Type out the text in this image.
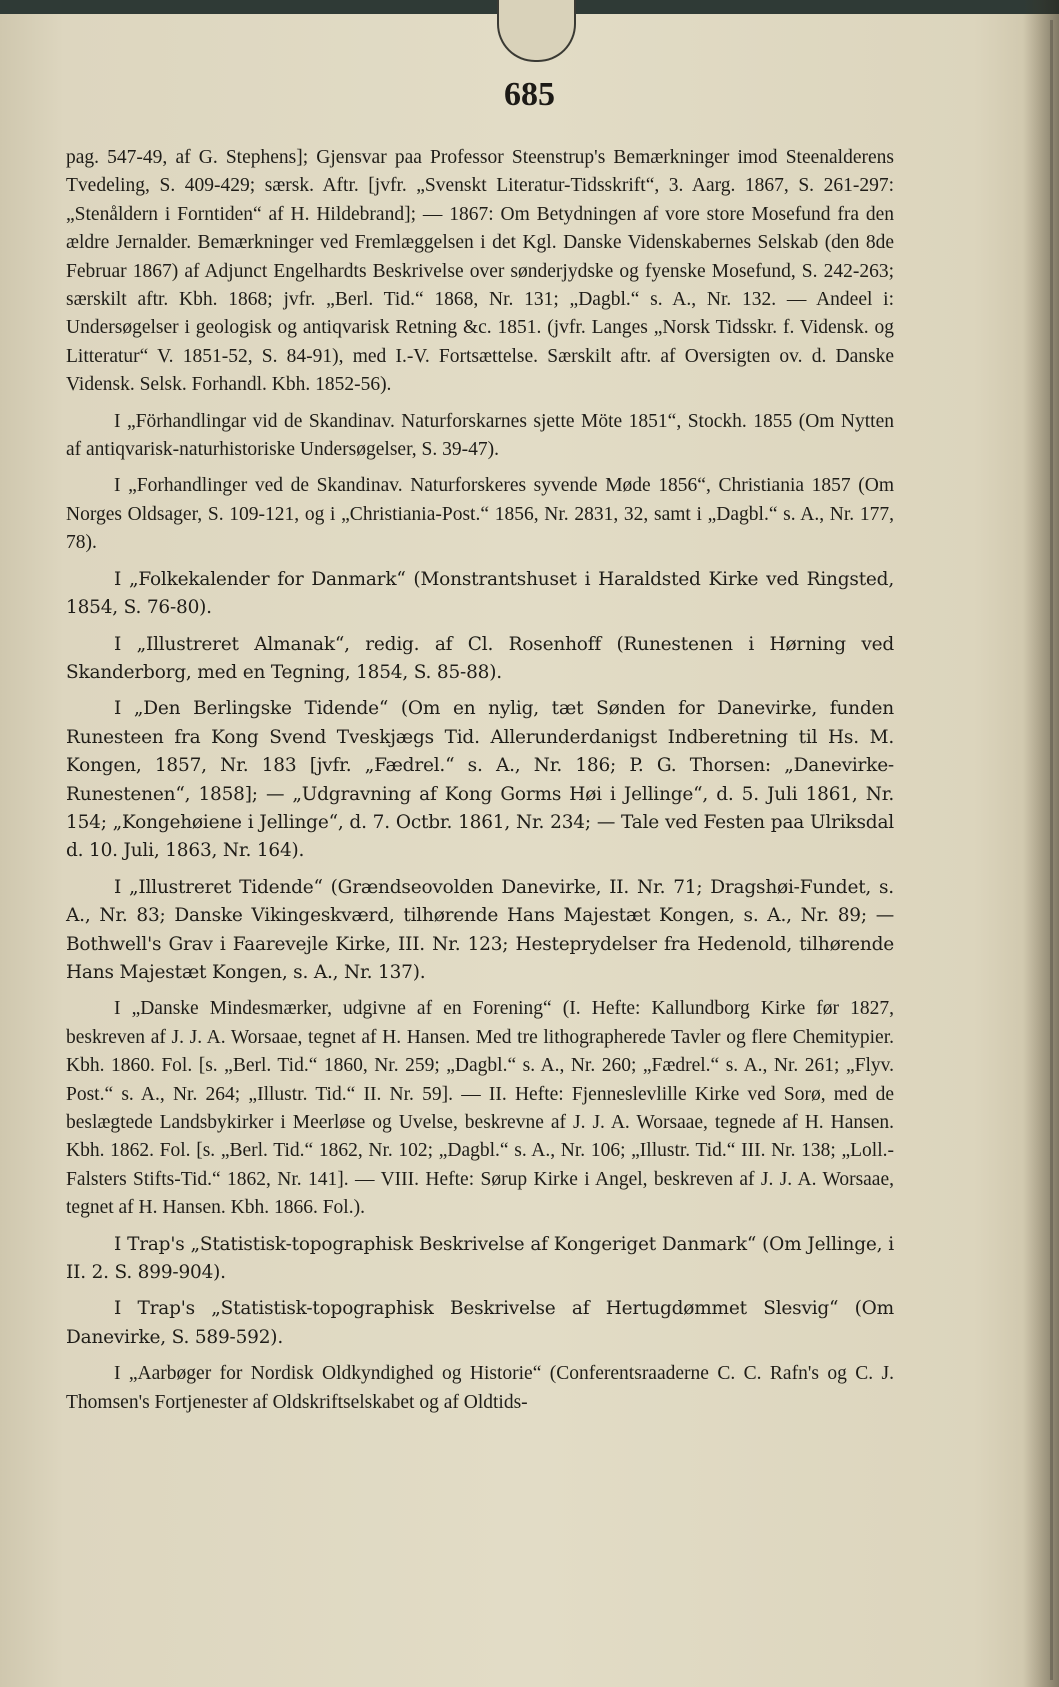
685

pag. 547-49, af G. Stephens]; Gjensvar paa Professor Steenstrup's Bemærkninger imod Steenalderens Tvedeling, S. 409-429; særsk. Aftr. [jvfr. „Svenskt Literatur-Tidsskrift“, 3. Aarg. 1867, S. 261-297: „Stenåldern i Forntiden“ af H. Hildebrand]; — 1867: Om Betydningen af vore store Mosefund fra den ældre Jernalder. Bemærkninger ved Fremlæggelsen i det Kgl. Danske Videnskabernes Selskab (den 8de Februar 1867) af Adjunct Engelhardts Beskrivelse over sønderjydske og fyenske Mosefund, S. 242-263; særskilt aftr. Kbh. 1868; jvfr. „Berl. Tid.“ 1868, Nr. 131; „Dagbl.“ s. A., Nr. 132. — Andeel i: Undersøgelser i geologisk og antiqvarisk Retning &c. 1851. (jvfr. Langes „Norsk Tidsskr. f. Vidensk. og Litteratur“ V. 1851-52, S. 84-91), med I.-V. Fortsættelse. Særskilt aftr. af Oversigten ov. d. Danske Vidensk. Selsk. Forhandl. Kbh. 1852-56).

I „Förhandlingar vid de Skandinav. Naturforskarnes sjette Möte 1851“, Stockh. 1855 (Om Nytten af antiqvarisk-naturhistoriske Undersøgelser, S. 39-47).

I „Forhandlinger ved de Skandinav. Naturforskeres syvende Møde 1856“, Christiania 1857 (Om Norges Oldsager, S. 109-121, og i „Christiania-Post.“ 1856, Nr. 2831, 32, samt i „Dagbl.“ s. A., Nr. 177, 78).

I „Folkekalender for Danmark“ (Monstrantshuset i Haraldsted Kirke ved Ringsted, 1854, S. 76-80).

I „Illustreret Almanak“, redig. af Cl. Rosenhoff (Runestenen i Hørning ved Skanderborg, med en Tegning, 1854, S. 85-88).

I „Den Berlingske Tidende“ (Om en nylig, tæt Sønden for Danevirke, funden Runesteen fra Kong Svend Tveskjægs Tid. Allerunderdanigst Indberetning til Hs. M. Kongen, 1857, Nr. 183 [jvfr. „Fædrel.“ s. A., Nr. 186; P. G. Thorsen: „Danevirke-Runestenen“, 1858]; — „Udgravning af Kong Gorms Høi i Jellinge“, d. 5. Juli 1861, Nr. 154; „Kongehøiene i Jellinge“, d. 7. Octbr. 1861, Nr. 234; — Tale ved Festen paa Ulriksdal d. 10. Juli, 1863, Nr. 164).

I „Illustreret Tidende“ (Grændseovolden Danevirke, II. Nr. 71; Dragshøi-Fundet, s. A., Nr. 83; Danske Vikingeskværd, tilhørende Hans Majestæt Kongen, s. A., Nr. 89; — Bothwell's Grav i Faarevejle Kirke, III. Nr. 123; Hesteprydelser fra Hedenold, tilhørende Hans Majestæt Kongen, s. A., Nr. 137).

I „Danske Mindesmærker, udgivne af en Forening“ (I. Hefte: Kallundborg Kirke før 1827, beskreven af J. J. A. Worsaae, tegnet af H. Hansen. Med tre lithographerede Tavler og flere Chemitypier. Kbh. 1860. Fol. [s. „Berl. Tid.“ 1860, Nr. 259; „Dagbl.“ s. A., Nr. 260; „Fædrel.“ s. A., Nr. 261; „Flyv. Post.“ s. A., Nr. 264; „Illustr. Tid.“ II. Nr. 59]. — II. Hefte: Fjenneslevlille Kirke ved Sorø, med de beslægtede Landsbykirker i Meerløse og Uvelse, beskrevne af J. J. A. Worsaae, tegnede af H. Hansen. Kbh. 1862. Fol. [s. „Berl. Tid.“ 1862, Nr. 102; „Dagbl.“ s. A., Nr. 106; „Illustr. Tid.“ III. Nr. 138; „Loll.-Falsters Stifts-Tid.“ 1862, Nr. 141]. — VIII. Hefte: Sørup Kirke i Angel, beskreven af J. J. A. Worsaae, tegnet af H. Hansen. Kbh. 1866. Fol.).

I Trap's „Statistisk-topographisk Beskrivelse af Kongeriget Danmark“ (Om Jellinge, i II. 2. S. 899-904).

I Trap's „Statistisk-topographisk Beskrivelse af Hertugdømmet Slesvig“ (Om Danevirke, S. 589-592).

I „Aarbøger for Nordisk Oldkyndighed og Historie“ (Conferentsraaderne C. C. Rafn's og C. J. Thomsen's Fortjenester af Oldskriftselskabet og af Oldtids-
